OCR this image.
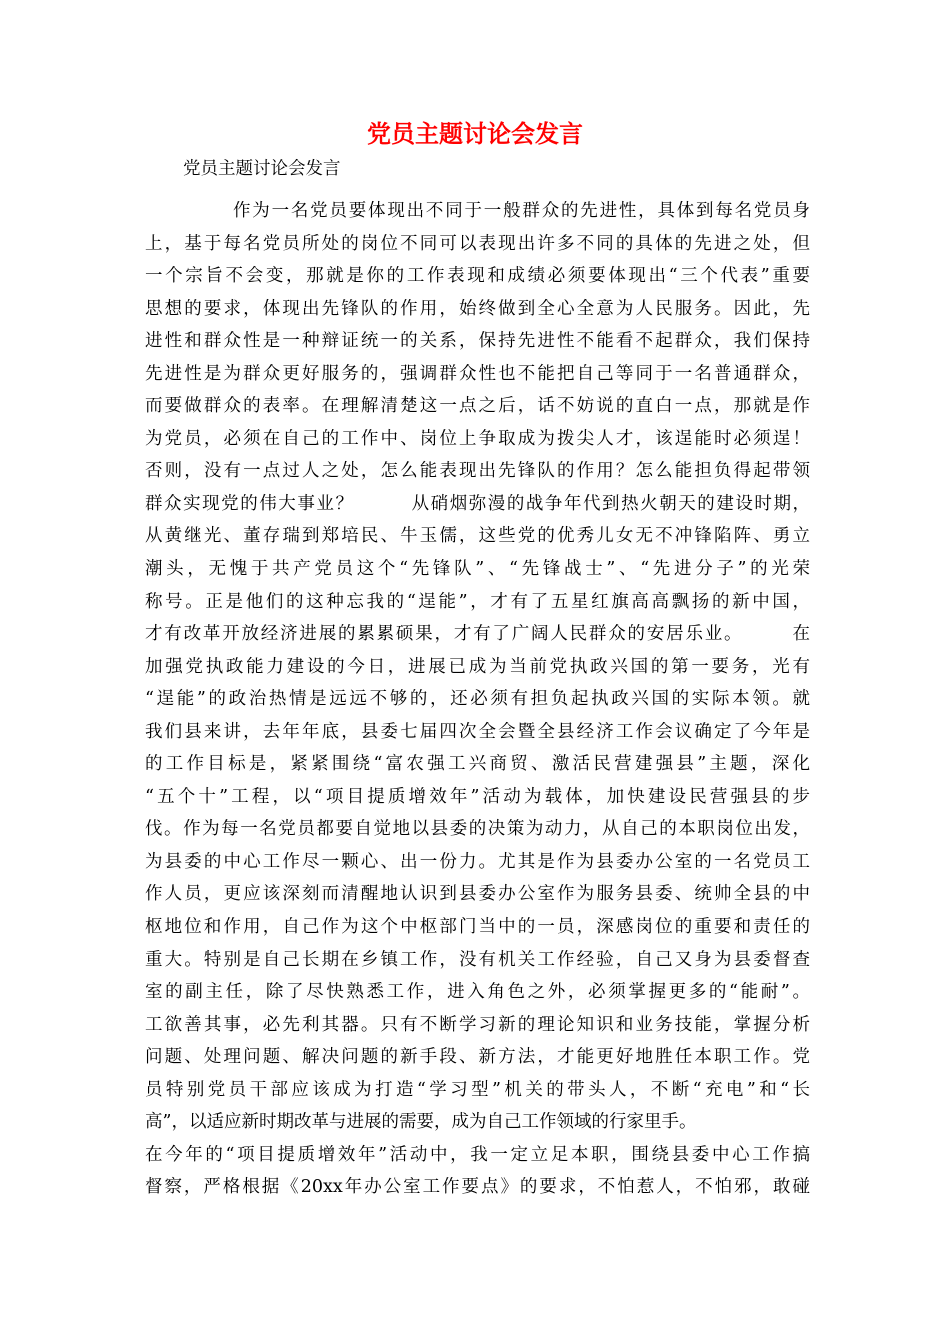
党员主题讨论会发言

党员主题讨论会发言

作为一名党员要体现出不同于一般群众的先进性，具体到每名党员身
上，基于每名党员所处的岗位不同可以表现出许多不同的具体的先进之处，但
一个宗旨不会变，那就是你的工作表现和成绩必须要体现出“三个代表”重要
思想的要求，体现出先锋队的作用，始终做到全心全意为人民服务。因此，先
进性和群众性是一种辩证统一的关系，保持先进性不能看不起群众，我们保持
先进性是为群众更好服务的，强调群众性也不能把自己等同于一名普通群众，
而要做群众的表率。在理解清楚这一点之后，话不妨说的直白一点，那就是作
为党员，必须在自己的工作中、岗位上争取成为拨尖人才，该逞能时必须逞！
否则，没有一点过人之处，怎么能表现出先锋队的作用？怎么能担负得起带领
群众实现党的伟大事业？　　　从硝烟弥漫的战争年代到热火朝天的建设时期，
从黄继光、董存瑞到郑培民、牛玉儒，这些党的优秀儿女无不冲锋陷阵、勇立
潮头，无愧于共产党员这个“先锋队”、“先锋战士”、“先进分子”的光荣
称号。正是他们的这种忘我的“逞能”，才有了五星红旗高高飘扬的新中国，
才有改革开放经济进展的累累硕果，才有了广阔人民群众的安居乐业。　　　在
加强党执政能力建设的今日，进展已成为当前党执政兴国的第一要务，光有
“逞能”的政治热情是远远不够的，还必须有担负起执政兴国的实际本领。就
我们县来讲，去年年底，县委七届四次全会暨全县经济工作会议确定了今年是
的工作目标是，紧紧围绕“富农强工兴商贸、激活民营建强县”主题，深化
“五个十”工程，以“项目提质增效年”活动为载体，加快建设民营强县的步
伐。作为每一名党员都要自觉地以县委的决策为动力，从自己的本职岗位出发，
为县委的中心工作尽一颗心、出一份力。尤其是作为县委办公室的一名党员工
作人员，更应该深刻而清醒地认识到县委办公室作为服务县委、统帅全县的中
枢地位和作用，自己作为这个中枢部门当中的一员，深感岗位的重要和责任的
重大。特别是自己长期在乡镇工作，没有机关工作经验，自己又身为县委督查
室的副主任，除了尽快熟悉工作，进入角色之外，必须掌握更多的“能耐”。
工欲善其事，必先利其器。只有不断学习新的理论知识和业务技能，掌握分析
问题、处理问题、解决问题的新手段、新方法，才能更好地胜任本职工作。党
员特别党员干部应该成为打造“学习型”机关的带头人，不断“充电”和“长
高”，以适应新时期改革与进展的需要，成为自己工作领域的行家里手。
在今年的“项目提质增效年”活动中，我一定立足本职，围绕县委中心工作搞
督察，严格根据《20xx年办公室工作要点》的要求，不怕惹人，不怕邪，敢碰
